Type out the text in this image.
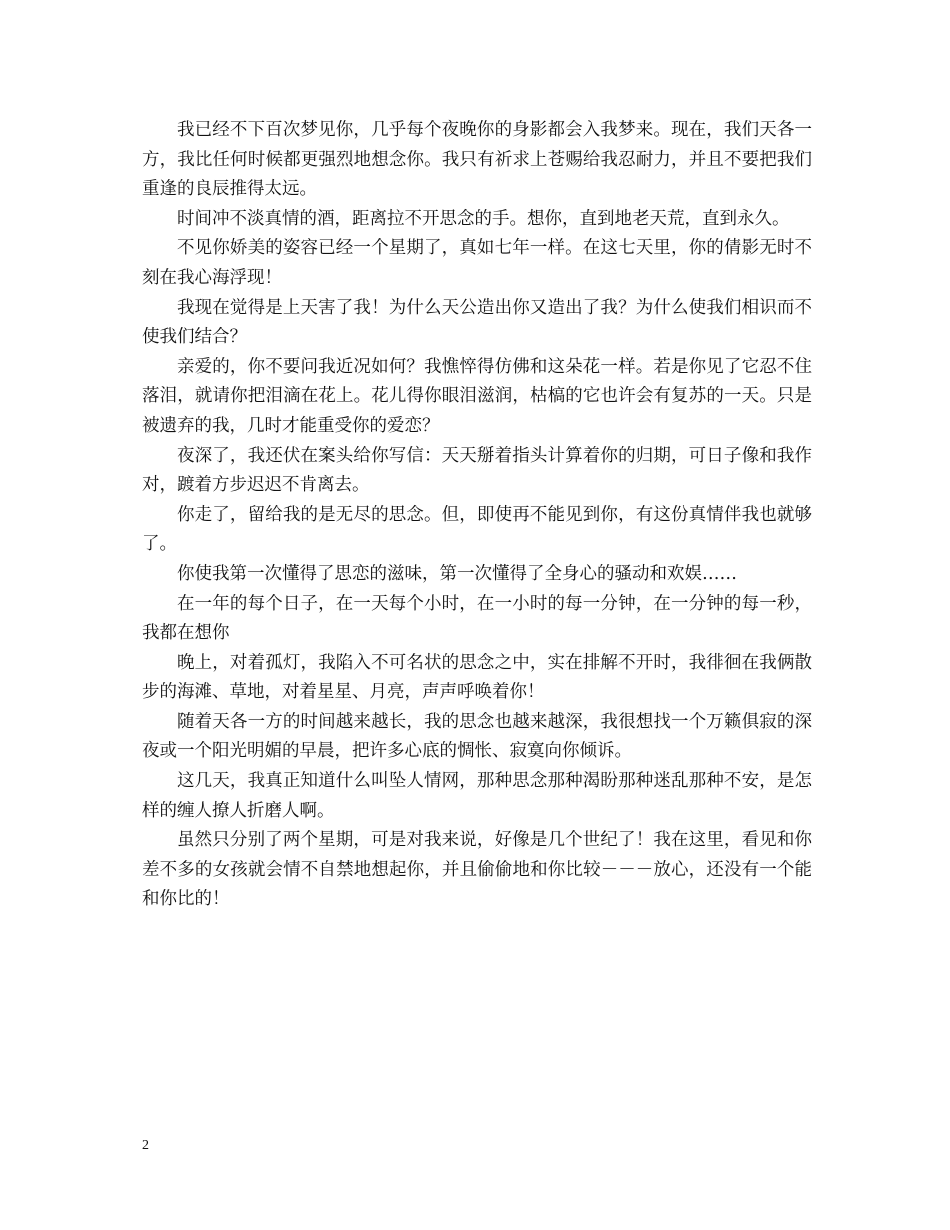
我已经不下百次梦见你，几乎每个夜晚你的身影都会入我梦来。现在，我们天各一方，我比任何时候都更强烈地想念你。我只有祈求上苍赐给我忍耐力，并且不要把我们重逢的良辰推得太远。

时间冲不淡真情的酒，距离拉不开思念的手。想你，直到地老天荒，直到永久。

不见你娇美的姿容已经一个星期了，真如七年一样。在这七天里，你的倩影无时不刻在我心海浮现！

我现在觉得是上天害了我！为什么天公造出你又造出了我？为什么使我们相识而不使我们结合？

亲爱的，你不要问我近况如何？我憔悴得仿佛和这朵花一样。若是你见了它忍不住落泪，就请你把泪滴在花上。花儿得你眼泪滋润，枯槁的它也许会有复苏的一天。只是被遗弃的我，几时才能重受你的爱恋？

夜深了，我还伏在案头给你写信：天天掰着指头计算着你的归期，可日子像和我作对，踱着方步迟迟不肯离去。

你走了，留给我的是无尽的思念。但，即使再不能见到你，有这份真情伴我也就够了。

你使我第一次懂得了思恋的滋味，第一次懂得了全身心的骚动和欢娱……

在一年的每个日子，在一天每个小时，在一小时的每一分钟，在一分钟的每一秒，我都在想你

晚上，对着孤灯，我陷入不可名状的思念之中，实在排解不开时，我徘徊在我俩散步的海滩、草地，对着星星、月亮，声声呼唤着你！

随着天各一方的时间越来越长，我的思念也越来越深，我很想找一个万籁俱寂的深夜或一个阳光明媚的早晨，把许多心底的惆怅、寂寞向你倾诉。

这几天，我真正知道什么叫坠人情网，那种思念那种渴盼那种迷乱那种不安，是怎样的缠人撩人折磨人啊。

虽然只分别了两个星期，可是对我来说，好像是几个世纪了！我在这里，看见和你差不多的女孩就会情不自禁地想起你，并且偷偷地和你比较－－－放心，还没有一个能和你比的！

2
